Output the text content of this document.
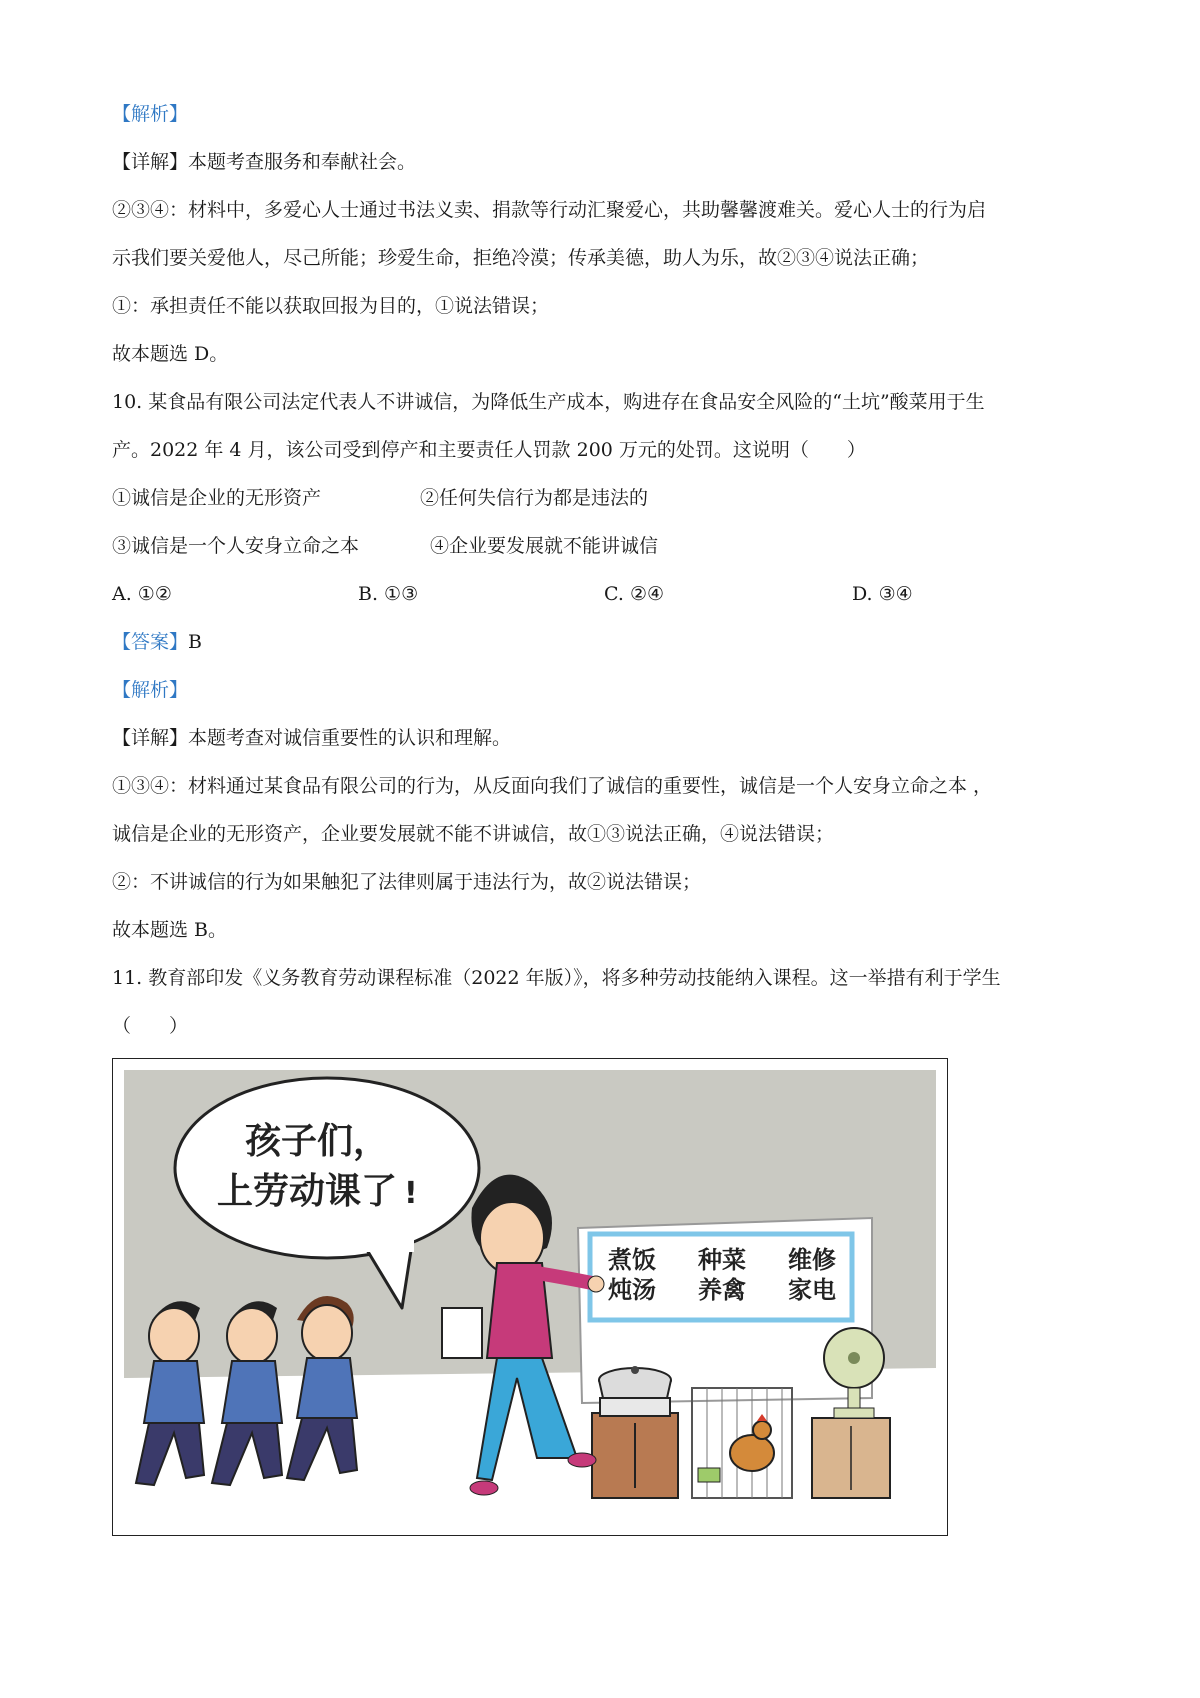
【解析】
【详解】本题考查服务和奉献社会。
②③④：材料中，多爱心人士通过书法义卖、捐款等行动汇聚爱心，共助馨馨渡难关。爱心人士的行为启
示我们要关爱他人，尽己所能；珍爱生命，拒绝冷漠；传承美德，助人为乐，故②③④说法正确；
①：承担责任不能以获取回报为目的，①说法错误；
故本题选 D。
10. 某食品有限公司法定代表人不讲诚信，为降低生产成本，购进存在食品安全风险的“土坑”酸菜用于生
产。2022 年 4 月，该公司受到停产和主要责任人罚款 200 万元的处罚。这说明（　　）
①诚信是企业的无形资产	②任何失信行为都是违法的
③诚信是一个人安身立命之本	④企业要发展就不能讲诚信
A. ①②	B. ①③	C. ②④	D. ③④
【答案】B
【解析】
【详解】本题考查对诚信重要性的认识和理解。
①③④：材料通过某食品有限公司的行为，从反面向我们了诚信的重要性，诚信是一个人安身立命之本 ，
诚信是企业的无形资产，企业要发展就不能不讲诚信，故①③说法正确，④说法错误；
②：不讲诚信的行为如果触犯了法律则属于违法行为，故②说法错误；
故本题选 B。
11. 教育部印发《义务教育劳动课程标准（2022 年版）》，将多种劳动技能纳入课程。这一举措有利于学生
（　　）
孩子们，
上劳动课了 !
煮饭
炖汤
种菜
养禽
维修
家电
